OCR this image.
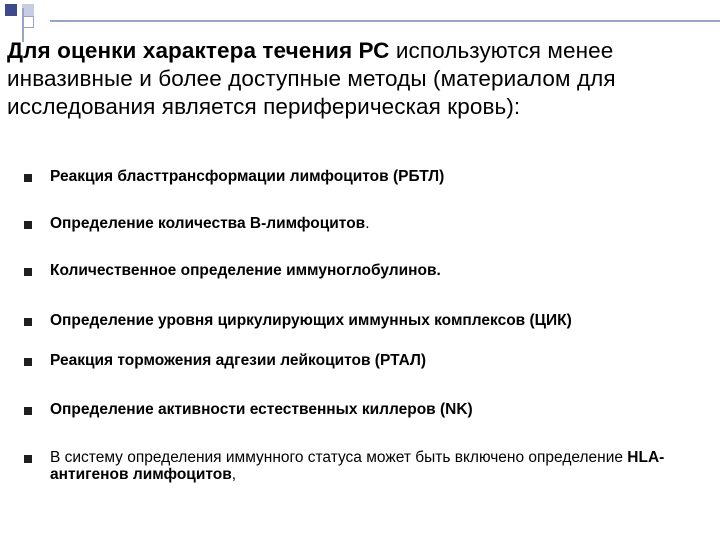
Для оценки характера течения РС используются менее инвазивные и более доступные методы (материалом для исследования является периферическая кровь):
Реакция бласттрансформации лимфоцитов (РБТЛ)
Определение количества В-лимфоцитов.
Количественное определение иммуноглобулинов.
Определение уровня циркулирующих иммунных комплексов (ЦИК)
Реакция торможения адгезии лейкоцитов (РТАЛ)
Определение активности естественных киллеров (NK)
В систему определения иммунного статуса может быть включено определение HLA-антигенов лимфоцитов,
